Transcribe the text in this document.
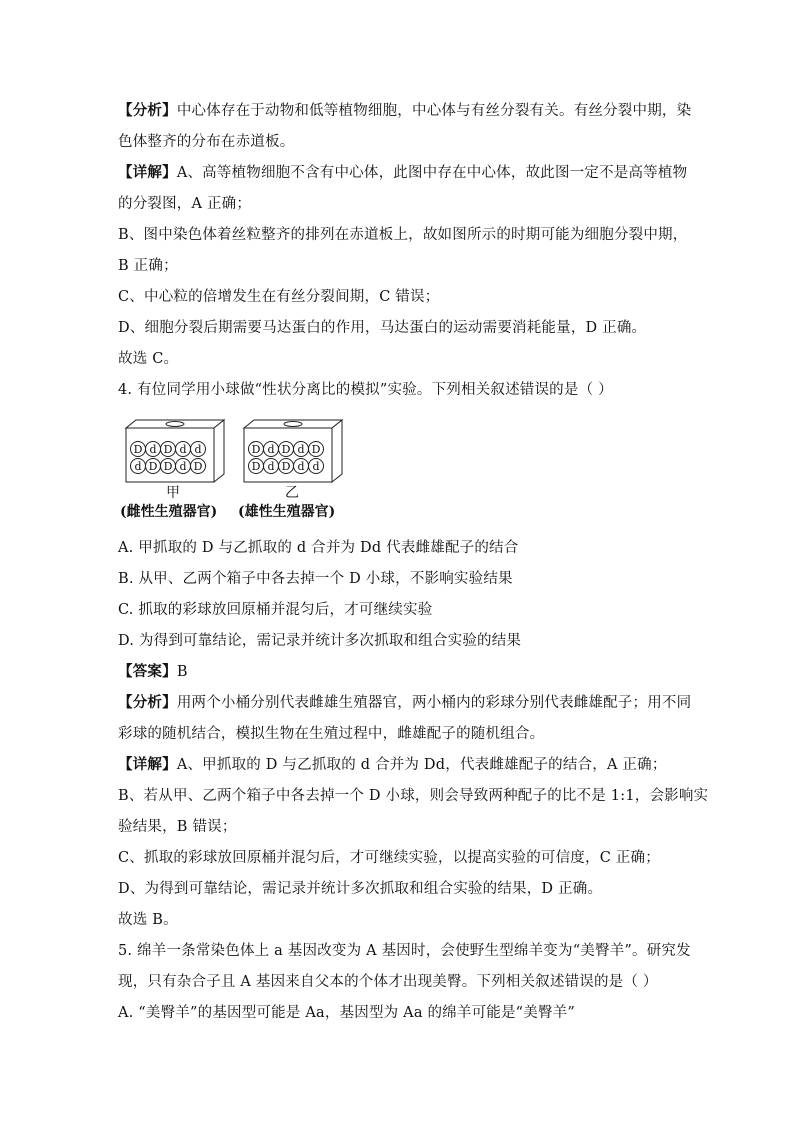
【分析】中心体存在于动物和低等植物细胞，中心体与有丝分裂有关。有丝分裂中期，染
色体整齐的分布在赤道板。
【详解】A、高等植物细胞不含有中心体，此图中存在中心体，故此图一定不是高等植物
的分裂图，A 正确；
B、图中染色体着丝粒整齐的排列在赤道板上，故如图所示的时期可能为细胞分裂中期，
B 正确；
C、中心粒的倍增发生在有丝分裂间期，C 错误；
D、细胞分裂后期需要马达蛋白的作用，马达蛋白的运动需要消耗能量，D 正确。
故选 C。
4. 有位同学用小球做“性状分离比的模拟”实验。下列相关叙述错误的是（ ）
D d D d d
d D D d D
D d D d D
D d D d d
甲
(雌性生殖器官)
乙
(雄性生殖器官)
A. 甲抓取的 D 与乙抓取的 d 合并为 Dd 代表雌雄配子的结合
B. 从甲、乙两个箱子中各去掉一个 D 小球，不影响实验结果
C. 抓取的彩球放回原桶并混匀后，才可继续实验
D. 为得到可靠结论，需记录并统计多次抓取和组合实验的结果
【答案】B
【分析】用两个小桶分别代表雌雄生殖器官，两小桶内的彩球分别代表雌雄配子；用不同
彩球的随机结合，模拟生物在生殖过程中，雌雄配子的随机组合。
【详解】A、甲抓取的 D 与乙抓取的 d 合并为 Dd，代表雌雄配子的结合，A 正确；
B、若从甲、乙两个箱子中各去掉一个 D 小球，则会导致两种配子的比不是 1:1，会影响实
验结果，B 错误；
C、抓取的彩球放回原桶并混匀后，才可继续实验，以提高实验的可信度，C 正确；
D、为得到可靠结论，需记录并统计多次抓取和组合实验的结果，D 正确。
故选 B。
5. 绵羊一条常染色体上 a 基因改变为 A 基因时，会使野生型绵羊变为“美臀羊”。研究发
现，只有杂合子且 A 基因来自父本的个体才出现美臀。下列相关叙述错误的是（ ）
A. “美臀羊”的基因型可能是 Aa，基因型为 Aa 的绵羊可能是“美臀羊”
